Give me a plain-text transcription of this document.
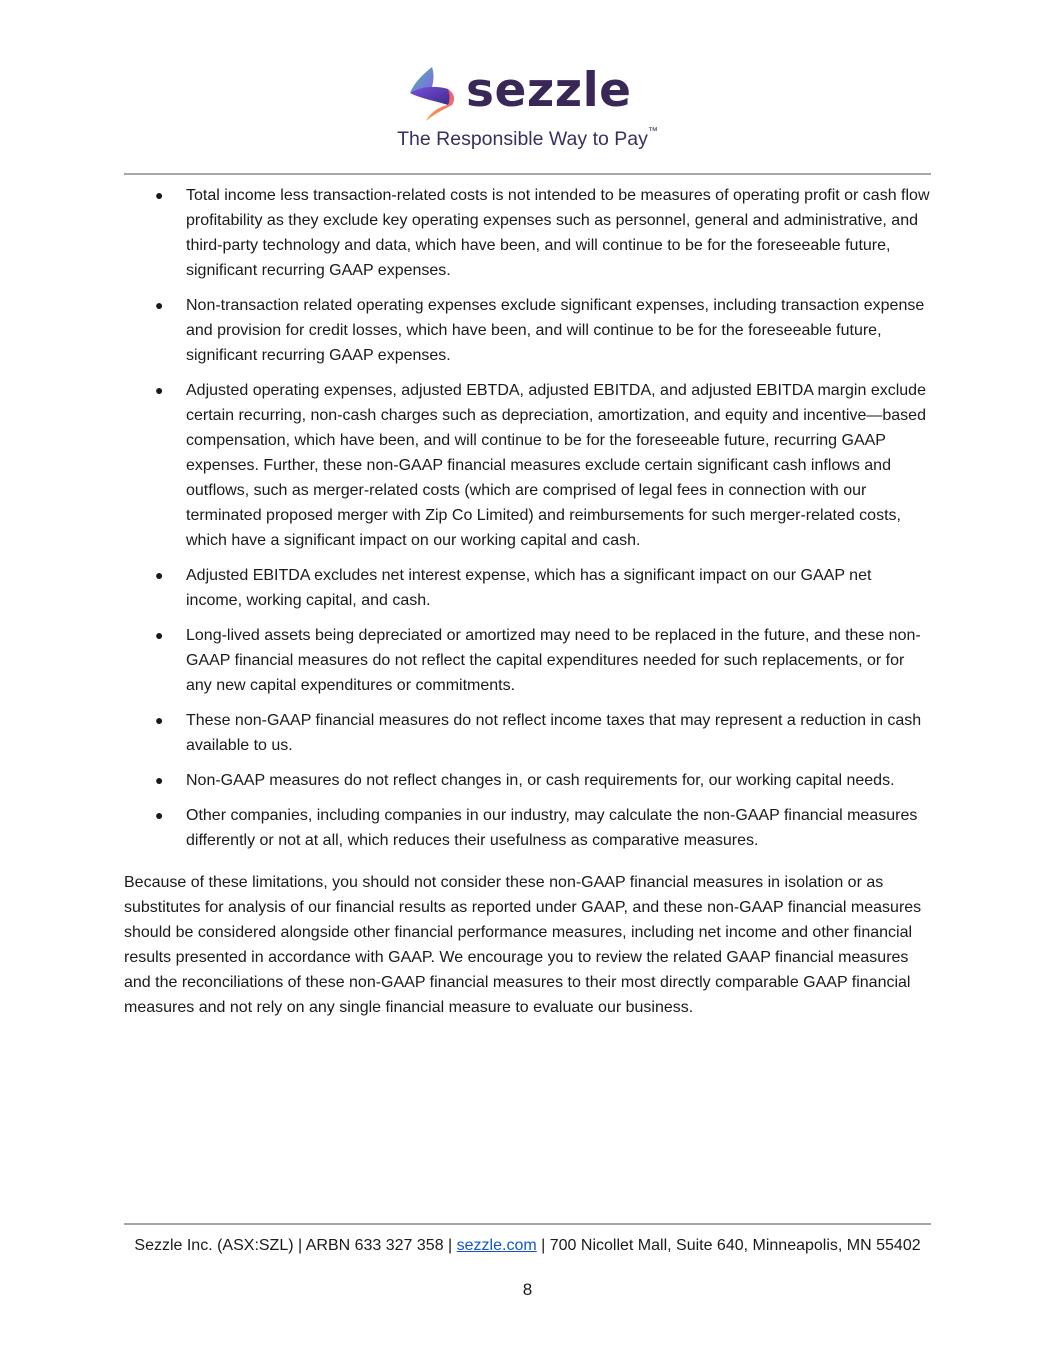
sezzle
The Responsible Way to Pay™
● Total income less transaction-related costs is not intended to be measures of operating profit or cash flow profitability as they exclude key operating expenses such as personnel, general and administrative, and third-party technology and data, which have been, and will continue to be for the foreseeable future, significant recurring GAAP expenses.
● Non-transaction related operating expenses exclude significant expenses, including transaction expense and provision for credit losses, which have been, and will continue to be for the foreseeable future, significant recurring GAAP expenses.
● Adjusted operating expenses, adjusted EBTDA, adjusted EBITDA, and adjusted EBITDA margin exclude certain recurring, non-cash charges such as depreciation, amortization, and equity and incentive—based compensation, which have been, and will continue to be for the foreseeable future, recurring GAAP expenses. Further, these non-GAAP financial measures exclude certain significant cash inflows and outflows, such as merger-related costs (which are comprised of legal fees in connection with our terminated proposed merger with Zip Co Limited) and reimbursements for such merger-related costs, which have a significant impact on our working capital and cash.
● Adjusted EBITDA excludes net interest expense, which has a significant impact on our GAAP net income, working capital, and cash.
● Long-lived assets being depreciated or amortized may need to be replaced in the future, and these non-GAAP financial measures do not reflect the capital expenditures needed for such replacements, or for any new capital expenditures or commitments.
● These non-GAAP financial measures do not reflect income taxes that may represent a reduction in cash available to us.
● Non-GAAP measures do not reflect changes in, or cash requirements for, our working capital needs.
● Other companies, including companies in our industry, may calculate the non-GAAP financial measures differently or not at all, which reduces their usefulness as comparative measures.

Because of these limitations, you should not consider these non-GAAP financial measures in isolation or as substitutes for analysis of our financial results as reported under GAAP, and these non-GAAP financial measures should be considered alongside other financial performance measures, including net income and other financial results presented in accordance with GAAP. We encourage you to review the related GAAP financial measures and the reconciliations of these non-GAAP financial measures to their most directly comparable GAAP financial measures and not rely on any single financial measure to evaluate our business.

Sezzle Inc. (ASX:SZL) | ARBN 633 327 358 | sezzle.com | 700 Nicollet Mall, Suite 640, Minneapolis, MN 55402
8
